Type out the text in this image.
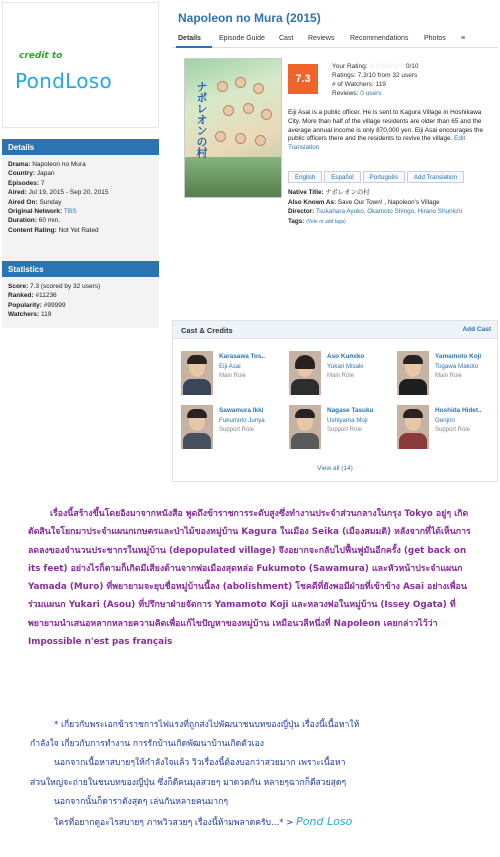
credit to
PondLoso
Details
Drama: Napoleon no Mura
Country: Japan
Episodes: 7
Aired: Jul 19, 2015 - Sep 20, 2015
Aired On: Sunday
Original Network: TBS
Duration: 60 min.
Content Rating: Not Yet Rated
Statistics
Score: 7.3 (scored by 32 users)
Ranked: #11236
Popularity: #99999
Watchers: 119
Napoleon no Mura (2015)
Details	Episode Guide Cast Reviews Recommendations Photos ≡
ナポレオンの村
7.3
Your Rating: ☆☆☆☆☆☆ 0/10
Ratings: 7.3/10 from 32 users
# of Watchers: 119
Reviews: 0 users
Eiji Asai is a public officer. He is sent to Kagura Village in Hoshikawa City. More than half of the village residents are older than 65 and the average annual income is only 870,000 yen. Eiji Asai encourages the public officers there and the residents to revive the village. Edit Translation
English	Español	Português	Add Translation
Native Title: ナポレオンの村
Also Known As: Save Our Town! , Napoleon's Village
Director: Tsukahara Ayuko, Okamoto Shingo, Hirano Shunichi
Tags: (Vote or add tags)
Cast & Credits	Add Cast
Karasawa Tos..
Eiji Asai
Main Role
Aso Kumiko
Yukari Misaki
Main Role
Yamamoto Koji
Togawa Makoto
Main Role
Sawamura Ikki
Fukumoto Junya
Support Role
Nagase Tasuku
Ushiyama Moji
Support Role
Hoshida Hidet..
Genjiro
Support Role
View all (14)
เรื่องนี้สร้างขึ้นโดยอิงมาจากหนังสือ พูดถึงข้าราชการระดับสูงซึ่งทำงานประจำส่วนกลางในกรุง Tokyo อยู่ๆ เกิดตัดสินใจโยกมาประจำแผนกเกษตรและป่าไม้ของหมู่บ้าน Kagura ในเมือง Seika (เมืองสมมติ) หลังจากที่ได้เห็นการลดลงของจำนวนประชากรในหมู่บ้าน (depopulated village) จึงอยากจะกลับไปฟื้นฟูมันอีกครั้ง (get back on its feet) อย่างไรก็ตามก็เกิดมีเสียงต้านจากพ่อเมืองสุดหล่อ Fukumoto (Sawamura) และหัวหน้าประจำแผนก Yamada (Muro) ที่พยายามจะยุบชื่อหมู่บ้านนี้ลง (abolishment) โชคดีที่ยังพอมีฝ่ายที่เข้าข้าง Asai อย่างเพื่อนร่วมแผนก Yukari (Asou) ที่ปรึกษาฝ่ายจัดการ Yamamoto Koji และหลวงพ่อในหมู่บ้าน (Issey Ogata) ที่พยายามนำเสนอหลากหลายความคิดเพื่อแก้ไขปัญหาของหมู่บ้าน เหมือนวลีหนึ่งที่ Napoleon เคยกล่าวไว้ว่า Impossible n'est pas français
* เกี่ยวกับพระเอกข้าราชการไฟแรงที่ถูกส่งไปพัฒนาชนบทของญี่ปุ่น เรื่องนี้เนื้อหาให้
กำลังใจ เกี่ยวกับการทำงาน การรักบ้านเกิดพัฒนาบ้านเกิดตัวเอง
นอกจากเนื้อหาสบายๆให้กำลังใจแล้ว วิวเรื่องนี้ต้องบอกว่าสวยมาก เพราะเนื้อหา
ส่วนใหญ่จะถ่ายในชนบทของญี่ปุ่น ซึ่งก็ดีคนมุลสวยๆ มาดวดกัน หลายๆฉากก็ดีสวยสุดๆ
นอกจากนั้นก็ดาราดังสุดๆ เล่นกันหลายคนมากๆ
ใครที่อยากดูอะไรสบายๆ ภาพวิวสวยๆ เรื่องนี้ห้ามพลาดครับ...* > Pond Loso
